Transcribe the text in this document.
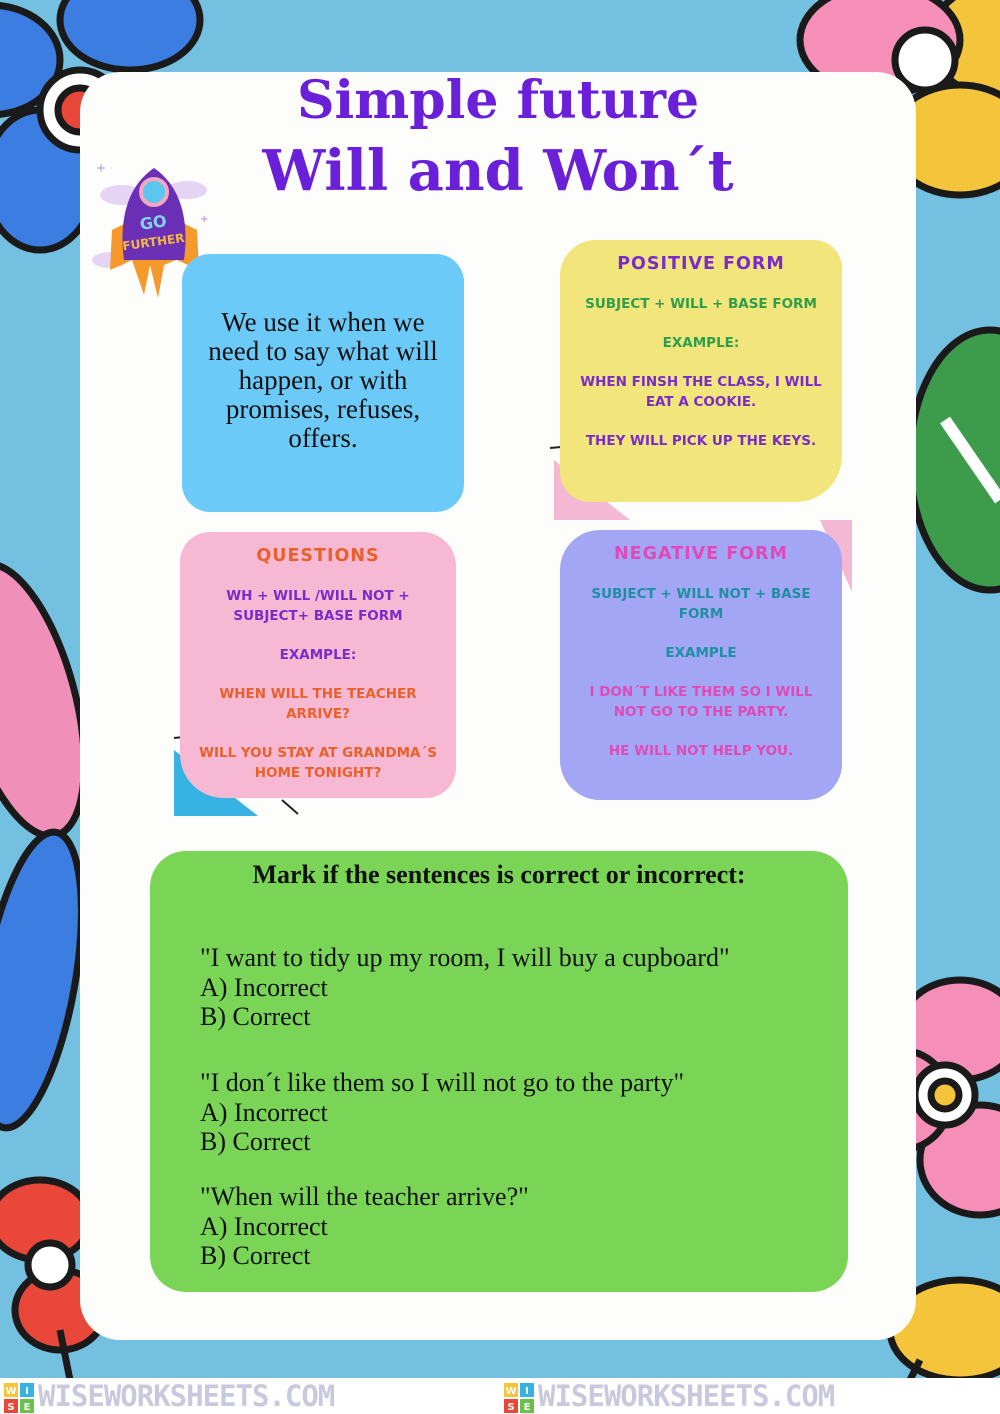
Simple future
Will and Won´t
GO
FURTHER
+
+
We use it when we need to say what will happen, or with promises, refuses, offers.
POSITIVE FORM

SUBJECT + WILL + BASE FORM

EXAMPLE:

WHEN FINSH THE CLASS, I WILL EAT A COOKIE.

THEY WILL PICK UP THE KEYS.

QUESTIONS

WH + WILL /WILL NOT + SUBJECT+ BASE FORM

EXAMPLE:

WHEN WILL THE TEACHER ARRIVE?

WILL YOU STAY AT GRANDMA´S HOME TONIGHT?

NEGATIVE FORM

SUBJECT + WILL NOT + BASE FORM

EXAMPLE

I DON´T LIKE THEM SO I WILL NOT GO TO THE PARTY.

HE WILL NOT HELP YOU.

Mark if the sentences is correct or incorrect:
"I want to tidy up my room, I will buy a cupboard"
A) Incorrect
B) Correct
"I don´t like them so I will not go to the party"
A) Incorrect
B) Correct
"When will the teacher arrive?"
A) Incorrect
B) Correct
W I
S E WISEWORKSHEETS.COM	W I
S E WISEWORKSHEETS.COM
